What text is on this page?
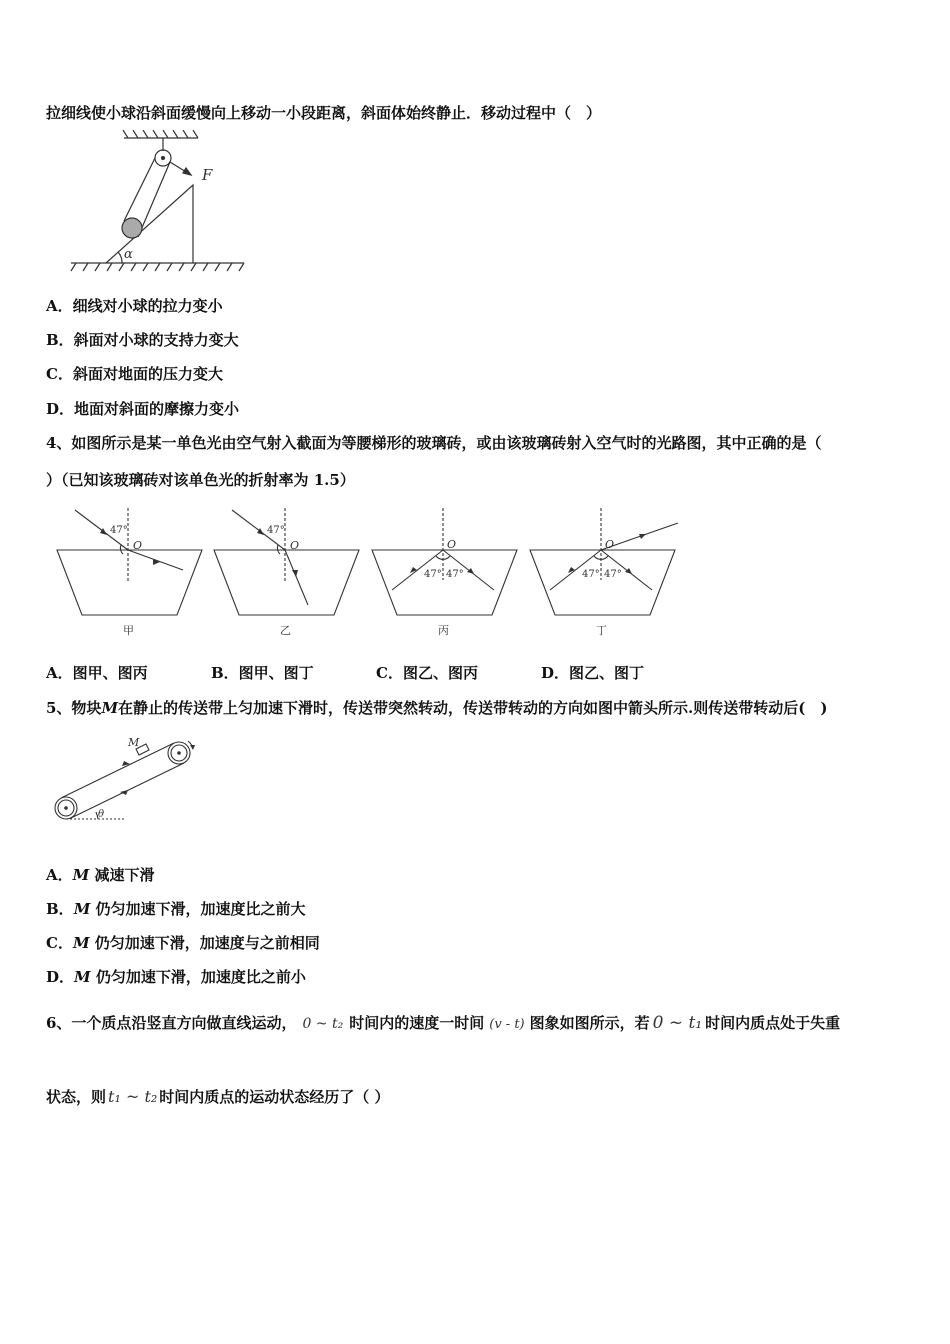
拉细线使小球沿斜面缓慢向上移动一小段距离，斜面体始终静止．移动过程中（　）
F
α
A．细线对小球的拉力变小
B．斜面对小球的支持力变大
C．斜面对地面的压力变大
D．地面对斜面的摩擦力变小
4、如图所示是某一单色光由空气射入截面为等腰梯形的玻璃砖，或由该玻璃砖射入空气时的光路图，其中正确的是（
）（已知该玻璃砖对该单色光的折射率为 1.5）
47°
O
甲
47°
O
乙
47° 47°
O
丙
47° 47°
O
丁
A．图甲、图丙	B．图甲、图丁	C．图乙、图丙	D．图乙、图丁
5、物块M在静止的传送带上匀加速下滑时，传送带突然转动，传送带转动的方向如图中箭头所示.则传送带转动后(　)
M
θ
A．M 减速下滑
B．M 仍匀加速下滑，加速度比之前大
C．M 仍匀加速下滑，加速度与之前相同
D．M 仍匀加速下滑，加速度比之前小
6、一个质点沿竖直方向做直线运动， 0 ~ t₂ 时间内的速度一时间 (v - t) 图象如图所示，若 0 ~ t₁ 时间内质点处于失重
状态，则 t₁ ~ t₂ 时间内质点的运动状态经历了（ ）
